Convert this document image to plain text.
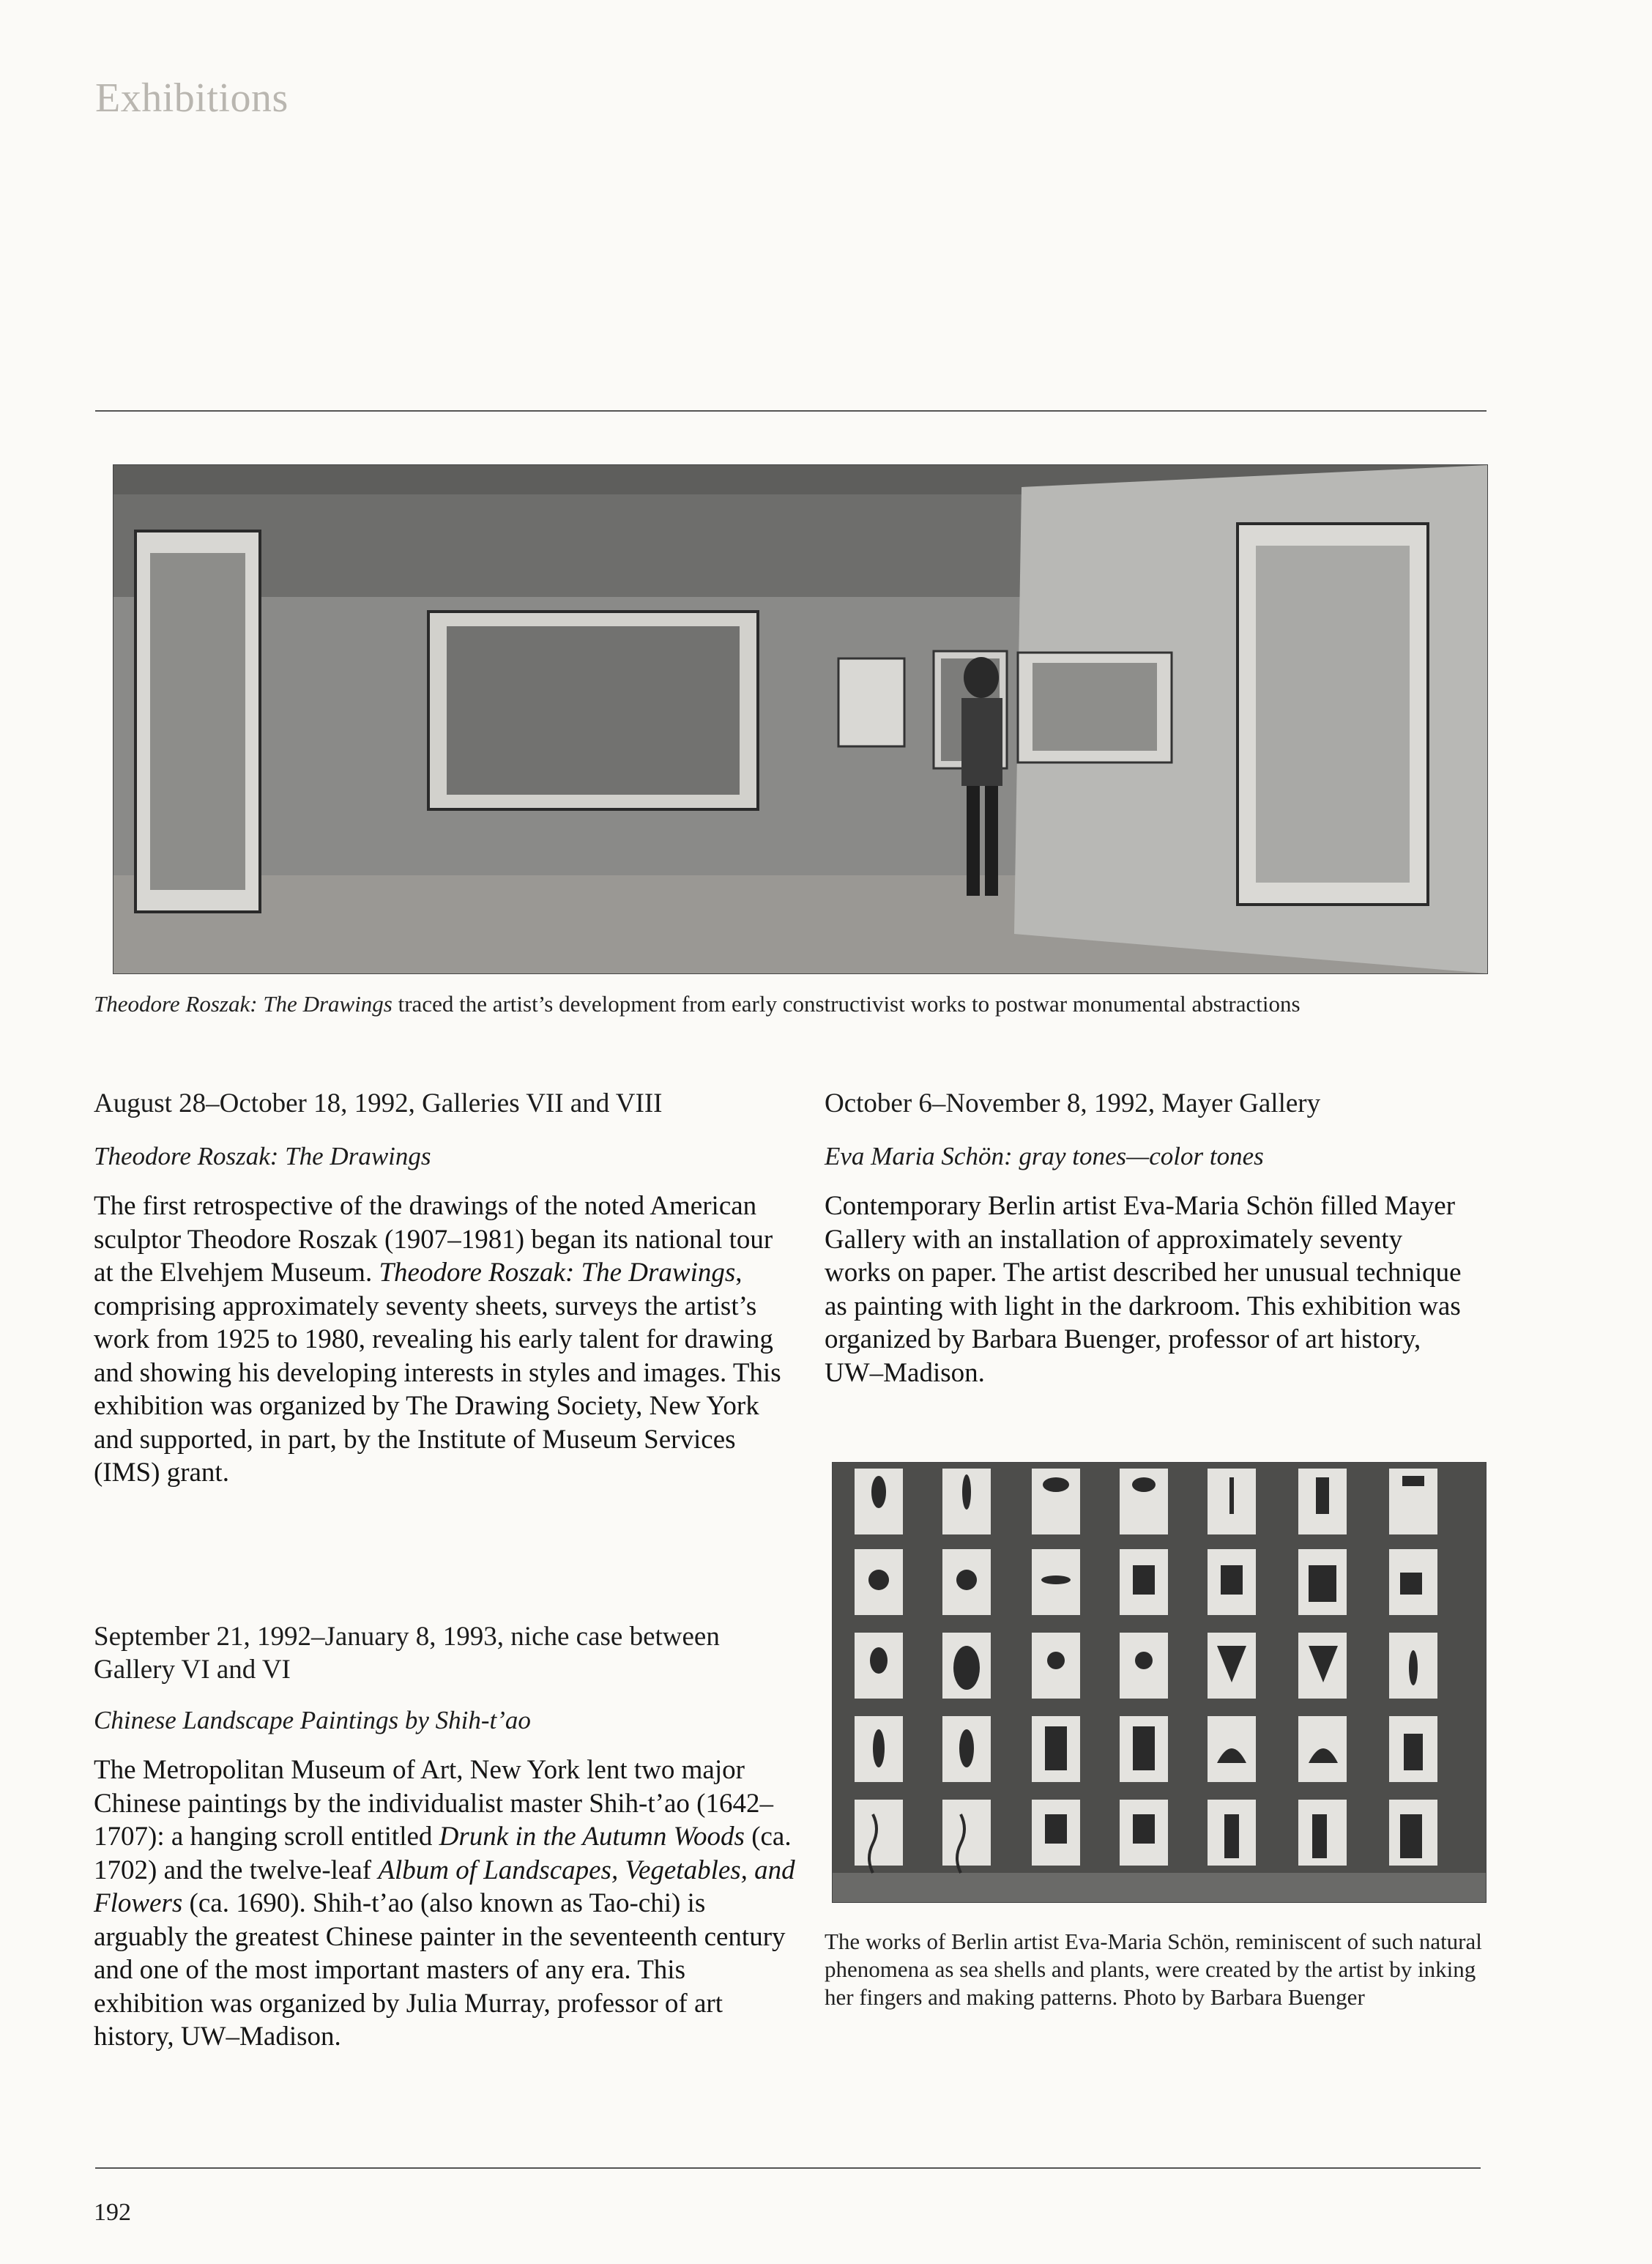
Exhibitions
Theodore Roszak: The Drawings traced the artist’s development from early constructivist works to postwar monumental abstractions
August 28–October 18, 1992, Galleries VII and VIII
Theodore Roszak: The Drawings

The first retrospective of the drawings of the noted American sculptor Theodore Roszak (1907–1981) began its national tour at the Elvehjem Museum. Theodore Roszak: The Drawings, comprising approximately seventy sheets, surveys the artist’s work from 1925 to 1980, revealing his early talent for drawing and showing his developing interests in styles and images. This exhibition was organized by The Drawing Society, New York and supported, in part, by the Institute of Museum Services (IMS) grant.

September 21, 1992–January 8, 1993, niche case between Gallery VI and VI
Chinese Landscape Paintings by Shih-t’ao

The Metropolitan Museum of Art, New York lent two major Chinese paintings by the individualist master Shih-t’ao (1642–1707): a hanging scroll entitled Drunk in the Autumn Woods (ca. 1702) and the twelve-leaf Album of Landscapes, Vegetables, and Flowers (ca. 1690). Shih-t’ao (also known as Tao-chi) is arguably the greatest Chinese painter in the seventeenth century and one of the most important masters of any era. This exhibition was organized by Julia Murray, professor of art history, UW–Madison.

October 6–November 8, 1992, Mayer Gallery
Eva Maria Schön: gray tones—color tones

Contemporary Berlin artist Eva-Maria Schön filled Mayer Gallery with an installation of approximately seventy works on paper. The artist described her unusual technique as painting with light in the darkroom. This exhibition was organized by Barbara Buenger, professor of art history, UW–Madison.

The works of Berlin artist Eva-Maria Schön, reminiscent of such natural phenomena as sea shells and plants, were created by the artist by inking her fingers and making patterns. Photo by Barbara Buenger
192
